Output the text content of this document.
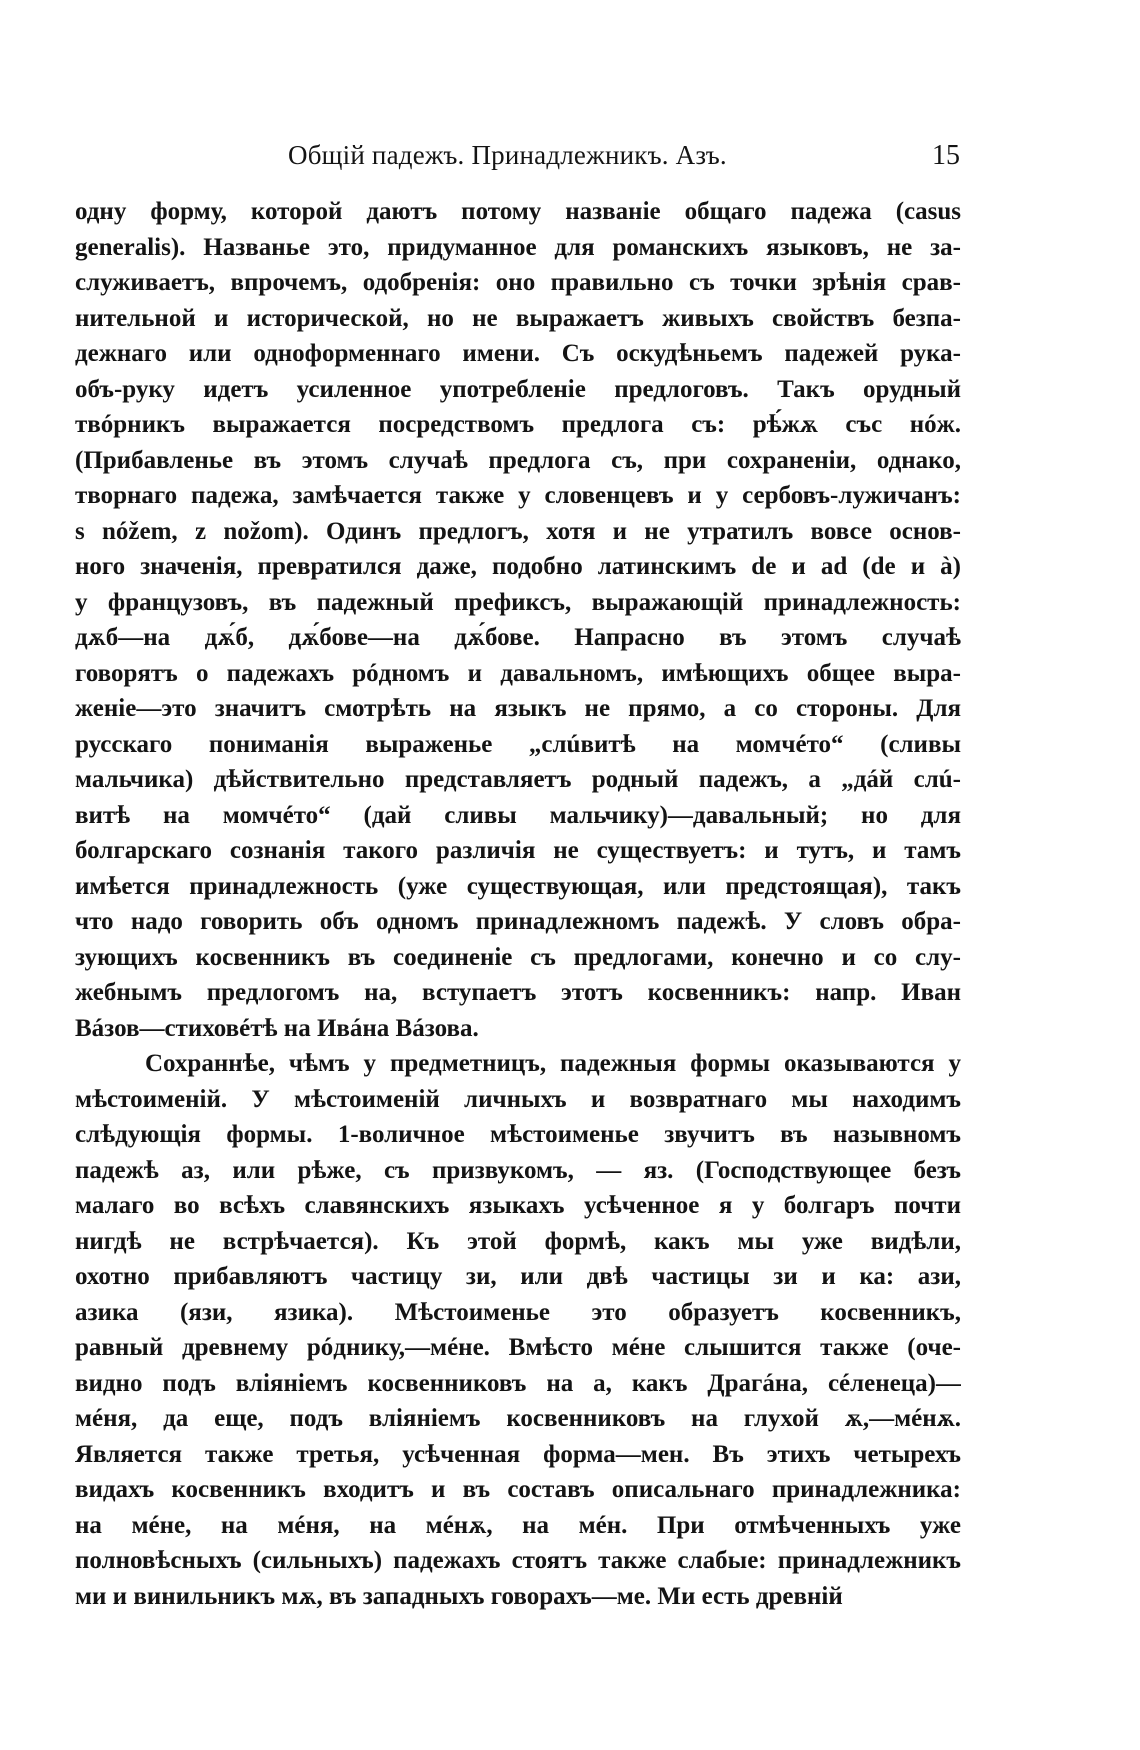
Общій падежъ. Принадлежникъ. Азъ.	15
одну форму, которой даютъ потому названіе общаго падежа (casus
generalis). Названье это, придуманное для романскихъ языковъ, не за-
служиваетъ, впрочемъ, одобренія: оно правильно съ точки зрѣнія срав-
нительной и исторической, но не выражаетъ живыхъ свойствъ безпа-
дежнаго или одноформеннаго имени. Съ оскудѣньемъ падежей рука-
объ-руку идетъ усиленное употребленіе предлоговъ. Такъ орудный
твóрникъ выражается посредствомъ предлога съ: рѣ́жѫ със нóж.
(Прибавленье въ этомъ случаѣ предлога съ, при сохраненіи, однако,
творнаго падежа, замѣчается также у словенцевъ и у сербовъ-лужичанъ:
s nóžem, z nožom). Одинъ предлогъ, хотя и не утратилъ вовсе основ-
ного значенія, превратился даже, подобно латинскимъ de и ad (de и à)
у французовъ, въ падежный префиксъ, выражающій принадлежность:
дѫб—на дѫ́б, дѫ́бове—на дѫ́бове. Напрасно въ этомъ случаѣ
говорятъ о падежахъ рóдномъ и давальномъ, имѣющихъ общее выра-
женіе—это значитъ смотрѣть на языкъ не прямо, а со стороны. Для
русскаго пониманія выраженье „слúвитѣ на момчéто“ (сливы
мальчика) дѣйствительно представляетъ родный падежъ, а „дáй слú-
витѣ на момчéто“ (дай сливы мальчику)—давальный; но для
болгарскаго сознанія такого различія не существуетъ: и тутъ, и тамъ
имѣется принадлежность (уже существующая, или предстоящая), такъ
что надо говорить объ одномъ принадлежномъ падежѣ. У словъ обра-
зующихъ косвенникъ въ соединеніе съ предлогами, конечно и со слу-
жебнымъ предлогомъ на, вступаетъ этотъ косвенникъ: напр. Иван
Вáзов—стиховéтѣ на Ивáна Вáзова.
Сохраннѣе, чѣмъ у предметницъ, падежныя формы оказываются у
мѣстоименій. У мѣстоименій личныхъ и возвратнаго мы находимъ
слѣдующія формы. 1-воличное мѣстоименье звучитъ въ назывномъ
падежѣ аз, или рѣже, съ призвукомъ, — яз. (Господствующее безъ
малаго во всѣхъ славянскихъ языкахъ усѣченное я у болгаръ почти
нигдѣ не встрѣчается). Къ этой формѣ, какъ мы уже видѣли,
охотно прибавляютъ частицу зи, или двѣ частицы зи и ка: ази,
азика (язи, язика). Мѣстоименье это образуетъ косвенникъ,
равный древнему рóднику,—мéне. Вмѣсто мéне слышится также (оче-
видно подъ вліяніемъ косвенниковъ на а, какъ Драгáна, сéленеца)—
мéня, да еще, подъ вліяніемъ косвенниковъ на глухой ѫ,—мéнѫ.
Является также третья, усѣченная форма—мен. Въ этихъ четырехъ
видахъ косвенникъ входитъ и въ составъ описальнаго принадлежника:
на мéне, на мéня, на мéнѫ, на мéн. При отмѣченныхъ уже
полновѣсныхъ (сильныхъ) падежахъ стоятъ также слабые: принадлежникъ
ми и винильникъ мѫ, въ западныхъ говорахъ—ме. Ми есть древній
